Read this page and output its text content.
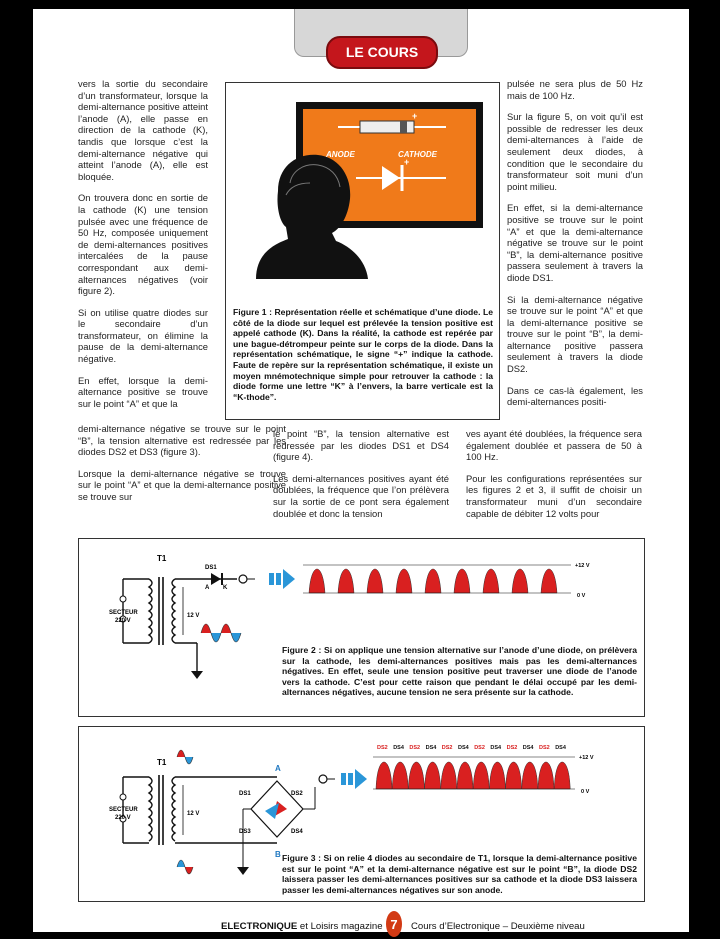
LE COURS

vers la sortie du secondaire d’un transformateur, lorsque la demi-alternance positive atteint l’anode (A), elle passe en direction de la cathode (K), tandis que lorsque c’est la demi-alternance négative qui atteint l’anode (A), elle est bloquée.

On trouvera donc en sortie de la cathode (K) une tension pulsée avec une fréquence de 50 Hz, composée uniquement de demi-alternances positives intercalées de la pause correspondant aux demi-alternances négatives (voir figure 2).

Si on utilise quatre diodes sur le secondaire d’un transformateur, on élimine la pause de la demi-alternance négative.

En effet, lorsque la demi-alternance positive se trouve sur le point “A” et que la

pulsée ne sera plus de 50 Hz mais de 100 Hz.

Sur la figure 5, on voit qu’il est possible de redresser les deux demi-alternances à l’aide de seulement deux diodes, à condition que le secondaire du transformateur soit muni d’un point milieu.

En effet, si la demi-alternance positive se trouve sur le point “A” et que la demi-alternance négative se trouve sur le point “B”, la demi-alternance positive passera seulement à travers la diode DS1.

Si la demi-alternance négative se trouve sur le point “A” et que la demi-alternance positive se trouve sur le point “B”, la demi-alternance positive passera seulement à travers la diode DS2.

Dans ce cas-là également, les demi-alternances positi-

+
+
ANODE	CATHODE
Figure 1 : Représentation réelle et schématique d’une diode. Le côté de la diode sur lequel est prélevée la tension positive est appelé cathode (K). Dans la réalité, la cathode est repérée par une bague-détrompeur peinte sur le corps de la diode. Dans la représentation schématique, le signe “+” indique la cathode. Faute de repère sur la représentation schématique, il existe un moyen mnémotechnique simple pour retrouver la cathode : la diode forme une lettre “K” à l’envers, la barre verticale est la “K-thode”.

demi-alternance négative se trouve sur le point “B”, la tension alternative est redressée par les diodes DS2 et DS3 (figure 3).

Lorsque la demi-alternance négative se trouve sur le point “A” et que la demi-alternance positive se trouve sur

le point “B”, la tension alternative est redressée par les diodes DS1 et DS4 (figure 4).

Les demi-alternances positives ayant été doublées, la fréquence que l’on prélèvera sur la sortie de ce pont sera également doublée et donc la tension

ves ayant été doublées, la fréquence sera également doublée et passera de 50 à 100 Hz.

Pour les configurations représentées sur les figures 2 et 3, il suffit de choisir un transformateur muni d’un secondaire capable de débiter 12 volts pour

T1
SECTEUR
220 V
12 V
DS1
A K
+12 V
0 V
Figure 2 : Si on applique une tension alternative sur l’anode d’une diode, on prélèvera sur la cathode, les demi-alternances positives mais pas les demi-alternances négatives. En effet, seule une tension positive peut traverser une diode de l’anode vers la cathode. C’est pour cette raison que pendant le délai occupé par les demi-alternances négatives, aucune tension ne sera présente sur la cathode.
T1
SECTEUR
220 V
12 V
A
B
DS1	DS2
DS3	DS4
+12 V
0 V
DS2 DS4 DS2 DS4 DS2 DS4 DS2 DS4 DS2 DS4 DS2 DS4
Figure 3 : Si on relie 4 diodes au secondaire de T1, lorsque la demi-alternance positive est sur le point “A” et la demi-alternance négative est sur le point “B”, la diode DS2 laissera passer les demi-alternances positives sur sa cathode et la diode DS3 laissera passer les demi-alternances négatives sur son anode.
ELECTRONIQUE et Loisirs magazine 7 Cours d’Electronique – Deuxième niveau
